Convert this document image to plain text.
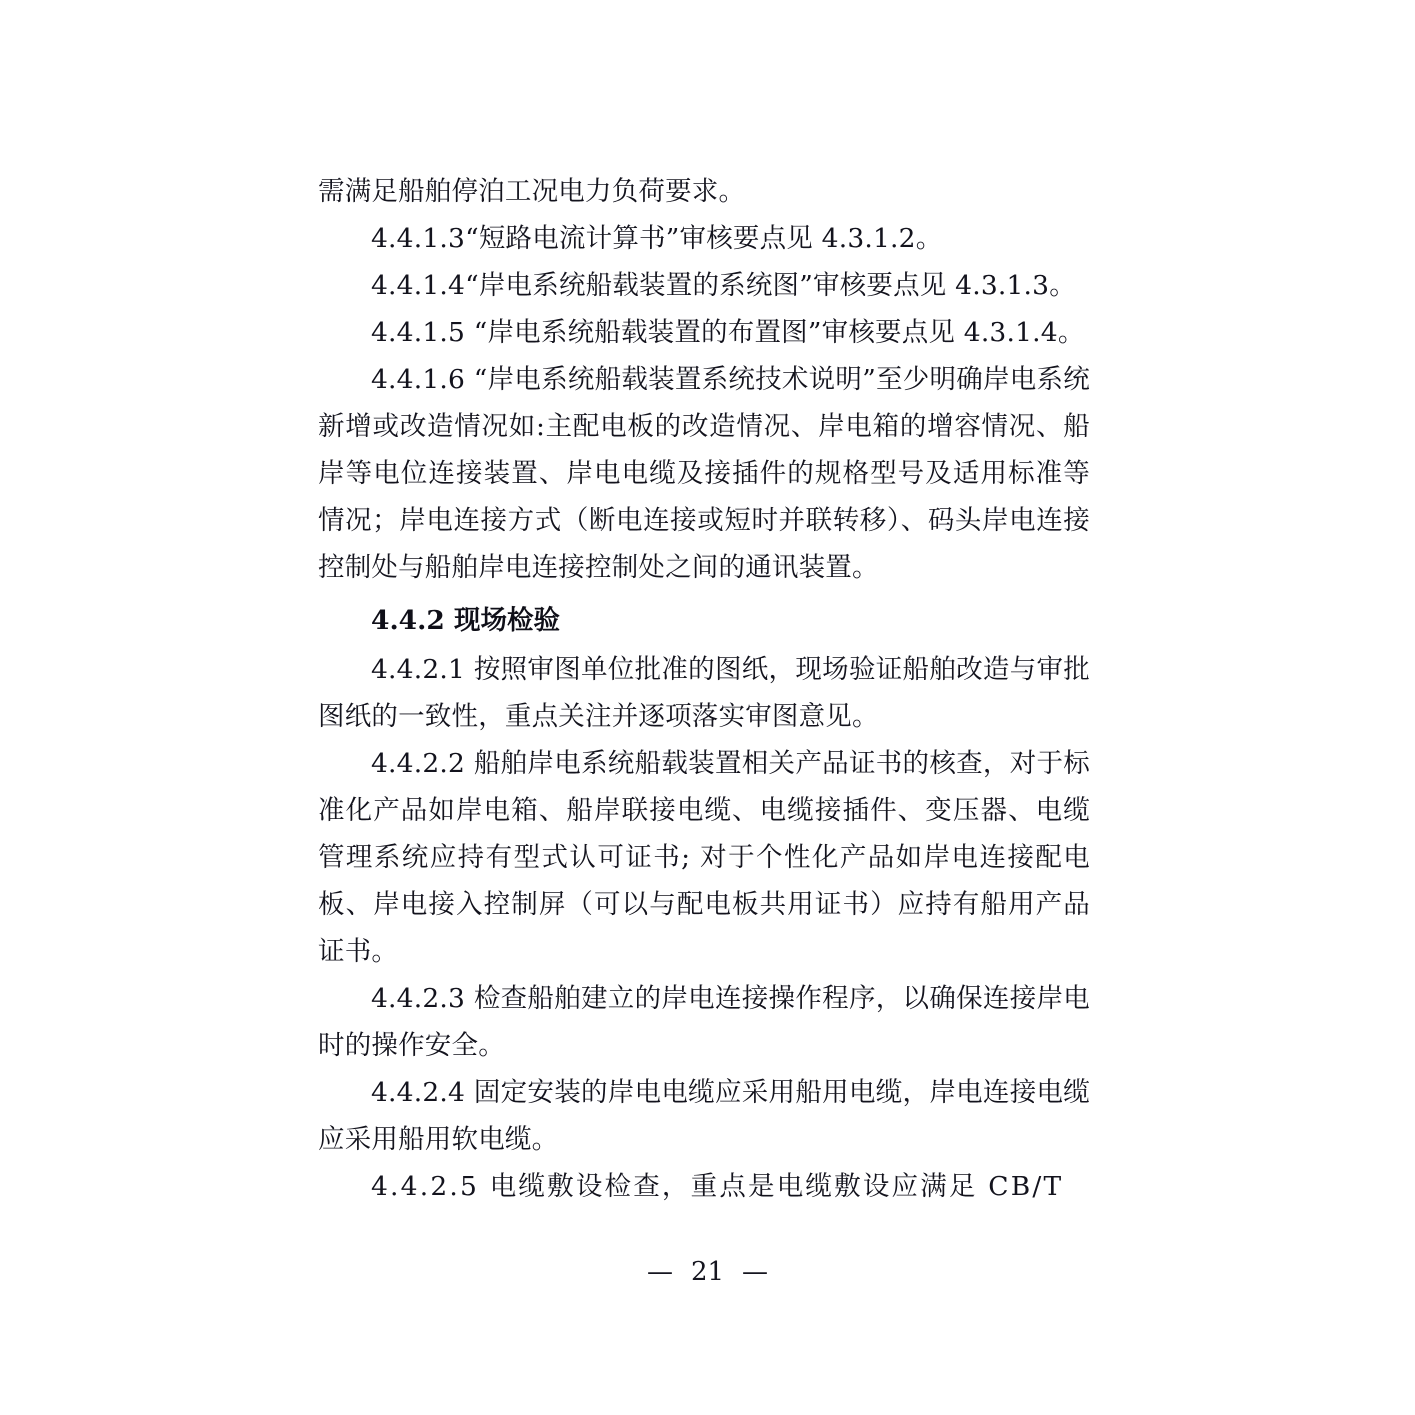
需满足船舶停泊工况电力负荷要求。

4.4.1.3“短路电流计算书”审核要点见 4.3.1.2。

4.4.1.4“岸电系统船载装置的系统图”审核要点见 4.3.1.3。

4.4.1.5 “岸电系统船载装置的布置图”审核要点见 4.3.1.4。

4.4.1.6 “岸电系统船载装置系统技术说明”至少明确岸电系统新增或改造情况如:主配电板的改造情况、岸电箱的增容情况、船岸等电位连接装置、岸电电缆及接插件的规格型号及适用标准等情况；岸电连接方式（断电连接或短时并联转移）、码头岸电连接控制处与船舶岸电连接控制处之间的通讯装置。

4.4.2 现场检验

4.4.2.1 按照审图单位批准的图纸，现场验证船舶改造与审批图纸的一致性，重点关注并逐项落实审图意见。

4.4.2.2 船舶岸电系统船载装置相关产品证书的核查，对于标准化产品如岸电箱、船岸联接电缆、电缆接插件、变压器、电缆管理系统应持有型式认可证书; 对于个性化产品如岸电连接配电板、岸电接入控制屏（可以与配电板共用证书）应持有船用产品证书。

4.4.2.3 检查船舶建立的岸电连接操作程序，以确保连接岸电时的操作安全。

4.4.2.4 固定安装的岸电电缆应采用船用电缆，岸电连接电缆应采用船用软电缆。

4.4.2.5 电缆敷设检查，重点是电缆敷设应满足 CB/T

— 21 —
